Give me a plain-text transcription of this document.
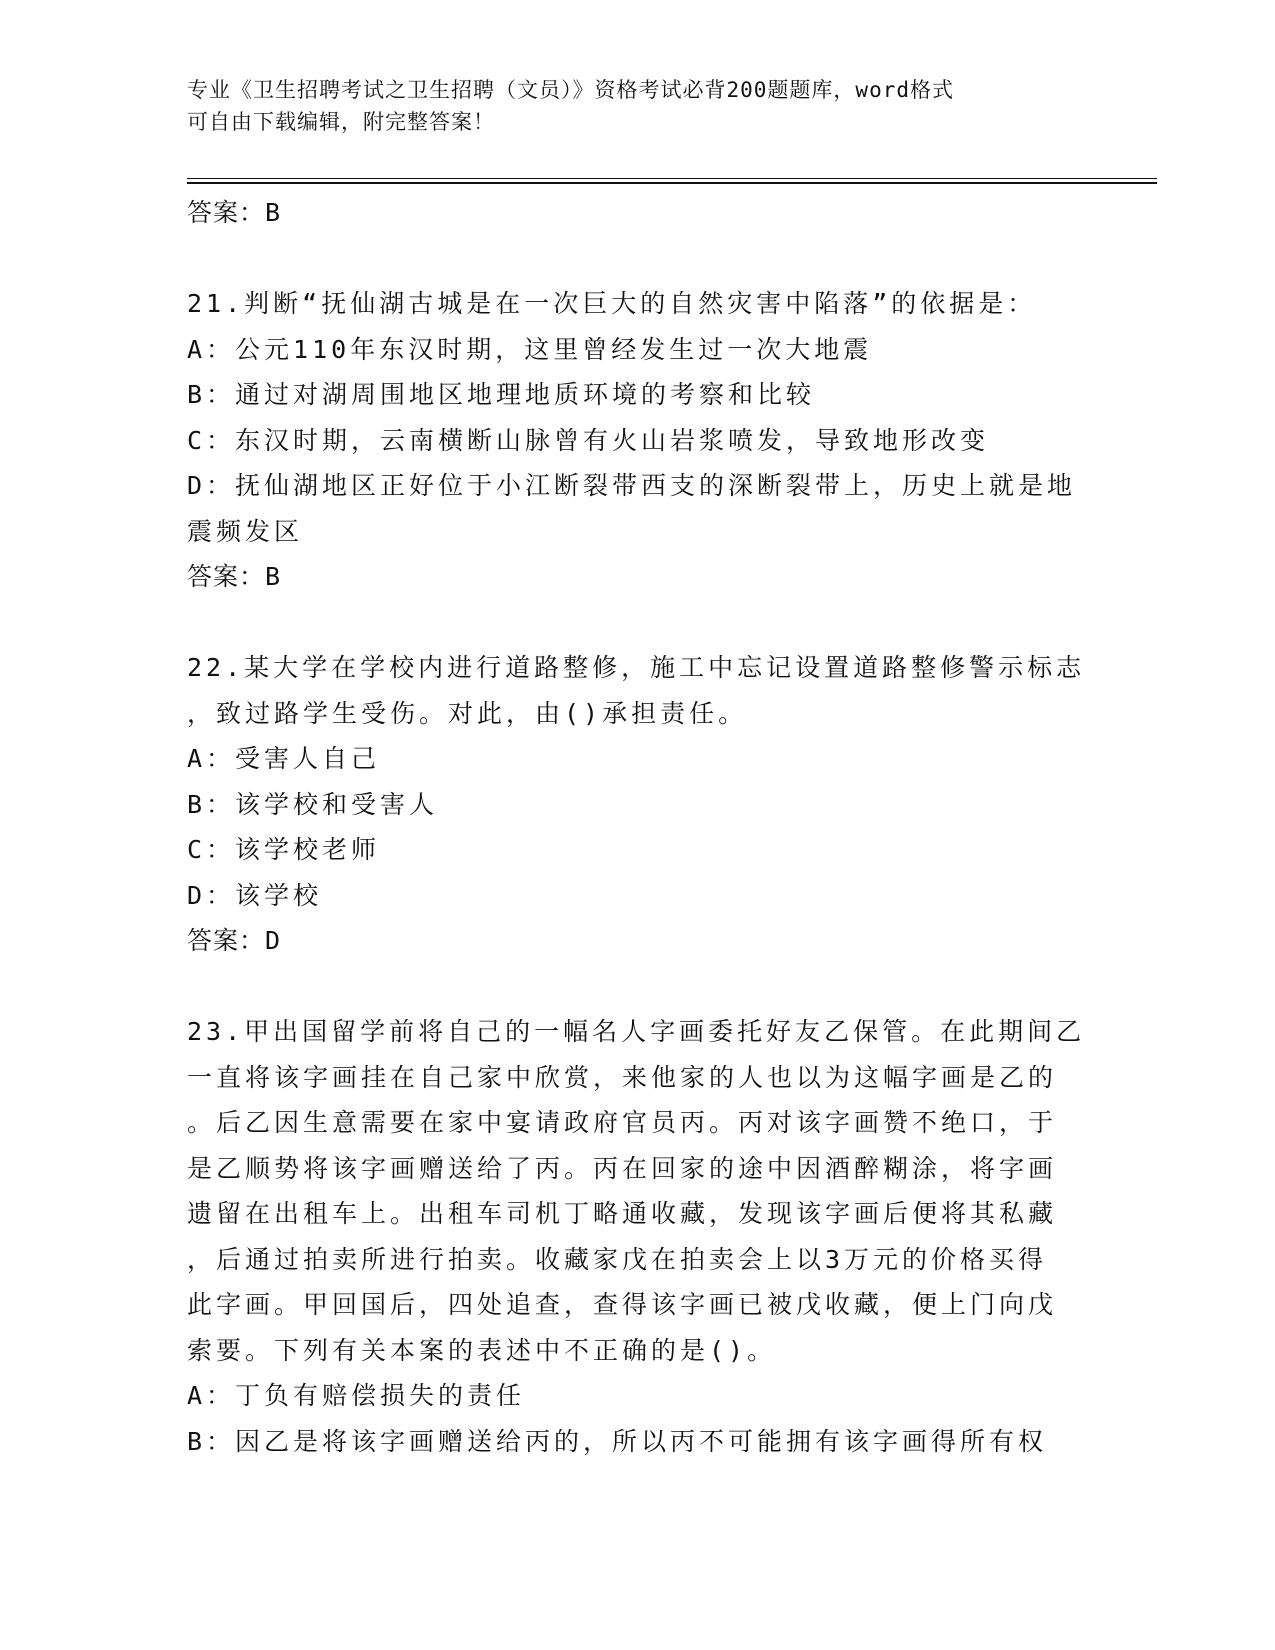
专业《卫生招聘考试之卫生招聘（文员）》资格考试必背200题题库，word格式
可自由下载编辑，附完整答案！
答案：B
21.判断“抚仙湖古城是在一次巨大的自然灾害中陷落”的依据是：
A：公元110年东汉时期，这里曾经发生过一次大地震
B：通过对湖周围地区地理地质环境的考察和比较
C：东汉时期，云南横断山脉曾有火山岩浆喷发，导致地形改变
D：抚仙湖地区正好位于小江断裂带西支的深断裂带上，历史上就是地
震频发区
答案：B
22.某大学在学校内进行道路整修，施工中忘记设置道路整修警示标志
，致过路学生受伤。对此，由()承担责任。
A：受害人自己
B：该学校和受害人
C：该学校老师
D：该学校
答案：D
23.甲出国留学前将自己的一幅名人字画委托好友乙保管。在此期间乙
一直将该字画挂在自己家中欣赏，来他家的人也以为这幅字画是乙的
。后乙因生意需要在家中宴请政府官员丙。丙对该字画赞不绝口，于
是乙顺势将该字画赠送给了丙。丙在回家的途中因酒醉糊涂，将字画
遗留在出租车上。出租车司机丁略通收藏，发现该字画后便将其私藏
，后通过拍卖所进行拍卖。收藏家戊在拍卖会上以3万元的价格买得
此字画。甲回国后，四处追查，查得该字画已被戊收藏，便上门向戊
索要。下列有关本案的表述中不正确的是()。
A：丁负有赔偿损失的责任
B：因乙是将该字画赠送给丙的，所以丙不可能拥有该字画得所有权
